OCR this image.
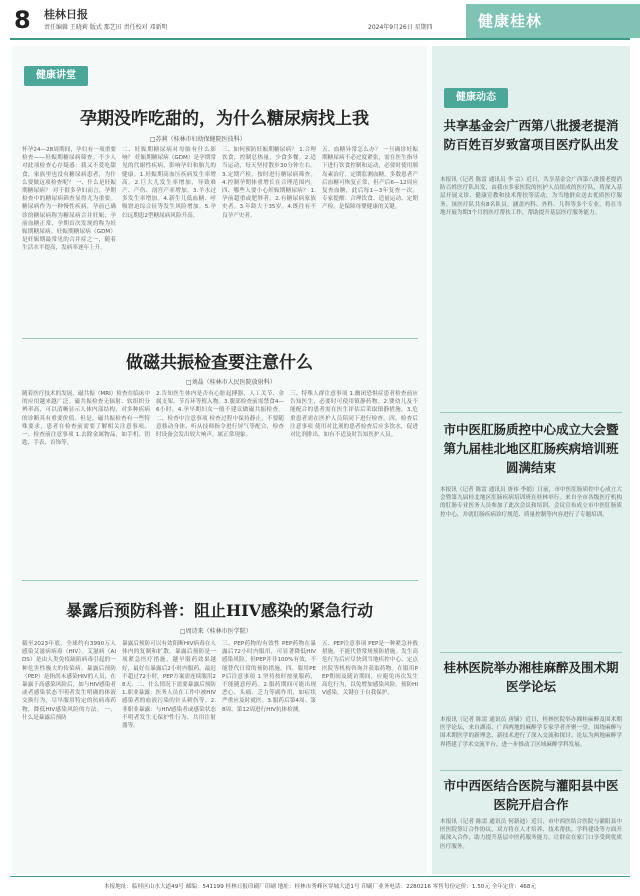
8 桂林日报
责任编辑 王晓莉 版式 那艺田 责任校对 邓新明	2024年9月26日 星期四	健康桂林
健康讲堂
孕期没咋吃甜的，为什么糖尿病找上我
□苏莉（桂林市妇幼保健院医技科）
怀孕24—28周期间，孕妇有一项重要检查——妊娠期糖尿病筛查。不少人对此项检查心存疑惑：我又不爱吃甜食，家族里也没有糖尿病患者，为什么要做这项检查呢？ 一、什么是妊娠期糖尿病？ 对于很多孕妇而言，孕期检查中的糖尿病筛查显得尤为重要。糖尿病作为一种慢性疾病，孕前已确诊的糖尿病称为糖尿病合并妊娠；孕前血糖正常，孕期首次发现的称为妊娠期糖尿病。妊娠期糖尿病（GDM）是妊娠期最常见的合并症之一，随着生活水平提高，发病率逐年上升。
二、妊娠期糖尿病对母胎有什么影响？ 妊娠期糖尿病（GDM）是孕期常见的代谢性疾病，影响孕妇和胎儿的健康。1.妊娠期高血压疾病发生率增高。2.巨大儿发生率增加，导致难产、产伤、剖宫产率增加。3.羊水过多发生率增加。4.新生儿低血糖、呼吸窘迫综合征等发生风险增加。5.孕妇远期患2型糖尿病风险升高。
三、如何预防妊娠期糖尿病？ 1.合理饮食，控制总热量，少食多餐。2.适当运动，每天坚持散步30分钟左右。3.定期产检，按时进行糖尿病筛查。4.控制孕期体重增长在合理范围内。四、哪些人要小心妊娠期糖尿病？ 1.孕前超重或肥胖者。2.有糖尿病家族史者。3.年龄大于35岁。4.既往有不良孕产史者。
五、血糖异常怎么办？ 一旦确诊妊娠期糖尿病不必过度紧张，需在医生指导下进行饮食控制和运动，必要时使用胰岛素治疗。定期监测血糖，多数患者产后血糖可恢复正常，但产后6—12周应复查血糖，此后每1—3年复查一次。专家提醒：合理饮食、适量运动、定期产检，是保障母婴健康的关键。
做磁共振检查要注意什么
□刘晶（桂林市人民医院放射科）
随着医疗技术的发展，磁共振（MRI）检查在临床中的应用越来越广泛。磁共振检查无辐射、软组织分辨率高，可以清晰显示人体内部结构，对多种疾病的诊断具有重要价值。但是，磁共振检查有一些特殊要求，患者在检查前需要了解相关注意事项。一、检查前注意事项 1.去除金属物品，如手机、钥匙、手表、首饰等。
2.告知医生体内是否有心脏起搏器、人工关节、金属支架、节育环等植入物。3.腹部检查前需禁食4—6小时。4.孕早期妇女一般不建议做磁共振检查。二、检查中注意事项 检查过程中保持静止，不要随意移动身体，听从技师指令进行屏气等配合，检查时设备会发出较大响声，属正常现象。
三、特殊人群注意事项 1.幽闭恐惧症患者检查前应告知医生，必要时可使用镇静药物。2.婴幼儿及不能配合的患者需在医生评估后采取镇静措施。3.危重患者需在医护人员陪同下进行检查。四、检查后注意事项 使用对比剂的患者检查后应多饮水，促进对比剂排出，如有不适及时告知医护人员。
暴露后预防科普：阻止HIV感染的紧急行动
□周诗来（桂林市医学院）
截至2023年底，全球约有3990万人感染艾滋病病毒（HIV）。艾滋病（AIDS）是由人类免疫缺陷病毒引起的一种危害性极大的传染病。暴露后预防（PEP）是指尚未感染HIV的人员，在暴露于高感染风险后，如与HIV感染者或者感染状态不明者发生明确的体液交换行为，尽早服用特定的抗病毒药物，降低HIV感染风险的方法。 一、什么是暴露后预防
暴露后预防可以有效阻断HIV病毒在人体内的复制和扩散。暴露后预防是一项紧急医疗措施，越早服药效果越好，最好在暴露后2小时内服药，最迟不超过72小时。PEP方案需连续服用28天。二、什么情况下需要暴露后预防 1.职业暴露：医务人员在工作中被HIV感染者的血液污染的针头刺伤等。2.非职业暴露：与HIV感染者或感染状态不明者发生无保护性行为、共用注射器等。
三、PEP药物的有效性 PEP药物在暴露后72小时内服用，可显著降低HIV感染风险。但PEP并非100%有效，不能替代日常的预防措施。四、服用PEP后注意事项 1.坚持按时按量服药，不能随意停药。2.服药期间可能出现恶心、头痛、乏力等副作用，如症状严重应及时就医。3.服药后第4周、第8周、第12周进行HIV抗体检测。
五、PEP注意事项 PEP是一种紧急补救措施，不能代替常规预防措施。发生高危行为后应尽快到当地疾控中心、定点医院等机构咨询并获取药物。在服用PEP期间及随访期间，应避免再次发生高危行为，以免增加感染风险。预防HIV感染，关键在于自我保护。
健康动态
共享基金会广西第八批援老提消防百姓百岁致富项目医疗队出发
本报讯（记者 陈雷 通讯员 李 宗）近日，共享基金会广西第八批援老提消防百姓医疗队出发，由我市多家医院的医护人员组成的医疗队，将深入基层开展义诊、健康宣教和技术帮扶等活动，为当地群众送去优质医疗服务。该医疗队共有8名队员，涵盖内科、外科、儿科等多个专业，将在当地开展为期3个月的医疗帮扶工作，帮助提升基层医疗服务能力。
市中医肛肠质控中心成立大会暨第九届桂北地区肛肠疾病培训班圆满结束
本报讯（记者 陈雷 通讯员 唐祎 李娟）日前，市中医肛肠质控中心成立大会暨第九届桂北地区肛肠疾病培训班在桂林举行。来自全市各级医疗机构的肛肠专业医务人员参加了此次会议和培训。会议宣布成立市中医肛肠质控中心，并就肛肠疾病诊疗规范、质量控制等内容进行了专题培训。
桂林医院举办湘桂麻醉及围术期医学论坛
本报讯（记者 陈雷 通讯员 唐镝）近日，桂林医院举办湘桂麻醉及围术期医学论坛，来自湖南、广西两地的麻醉学专家学者齐聚一堂，围绕麻醉与围术期医学的新理念、新技术进行了深入交流和探讨。论坛为两地麻醉学界搭建了学术交流平台，进一步推动了区域麻醉学科发展。
市中西医结合医院与灌阳县中医医院开启合作
本报讯（记者 陈雷 通讯员 何新迪）近日，市中西医结合医院与灌阳县中医医院签订合作协议，双方将在人才培养、技术帮扶、学科建设等方面开展深入合作，助力提升基层中医药服务能力，让群众在家门口享受到优质医疗服务。
本报地址：临桂区山水大道49号 邮编：541199 桂林日报印刷厂印刷 地址：桂林市秀峰区穿城大道1号 印刷厂业务电话：2280216 零售每份定价：1.50元 全年定价：468元
